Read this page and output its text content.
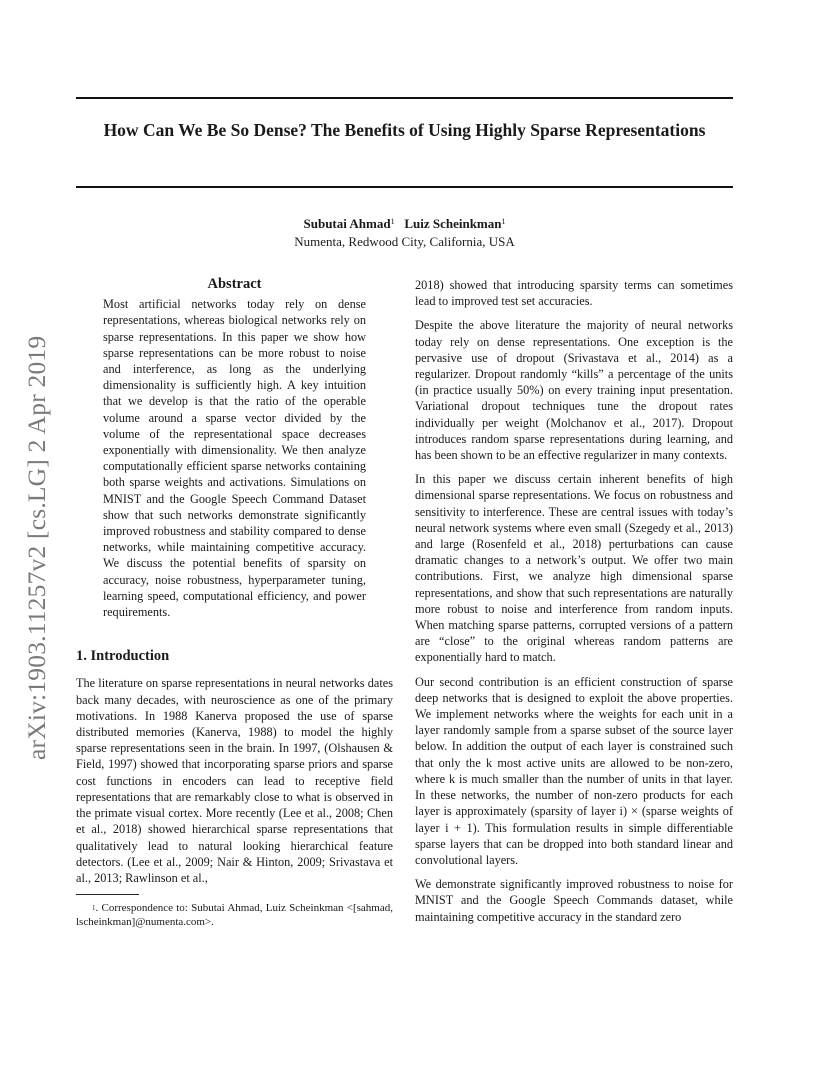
How Can We Be So Dense? The Benefits of Using Highly Sparse Representations
Subutai Ahmad$^1$ Luiz Scheinkman$^1$
Numenta, Redwood City, California, USA
arXiv:1903.11257v2 [cs.LG] 2 Apr 2019
Abstract
Most artificial networks today rely on dense representations, whereas biological networks rely on sparse representations. In this paper we show how sparse representations can be more robust to noise and interference, as long as the underlying dimensionality is sufficiently high. A key intuition that we develop is that the ratio of the operable volume around a sparse vector divided by the volume of the representational space decreases exponentially with dimensionality. We then analyze computationally efficient sparse networks containing both sparse weights and activations. Simulations on MNIST and the Google Speech Command Dataset show that such networks demonstrate significantly improved robustness and stability compared to dense networks, while maintaining competitive accuracy. We discuss the potential benefits of sparsity on accuracy, noise robustness, hyperparameter tuning, learning speed, computational efficiency, and power requirements.
1. Introduction

The literature on sparse representations in neural networks dates back many decades, with neuroscience as one of the primary motivations. In 1988 Kanerva proposed the use of sparse distributed memories (Kanerva, 1988) to model the highly sparse representations seen in the brain. In 1997, (Olshausen & Field, 1997) showed that incorporating sparse priors and sparse cost functions in encoders can lead to receptive field representations that are remarkably close to what is observed in the primate visual cortex. More recently (Lee et al., 2008; Chen et al., 2018) showed hierarchical sparse representations that qualitatively lead to natural looking hierarchical feature detectors. (Lee et al., 2009; Nair & Hinton, 2009; Srivastava et al., 2013; Rawlinson et al.,

$^1$. Correspondence to: Subutai Ahmad, Luiz Scheinkman <[sahmad, lscheinkman]@numenta.com>.

2018) showed that introducing sparsity terms can sometimes lead to improved test set accuracies.

Despite the above literature the majority of neural networks today rely on dense representations. One exception is the pervasive use of dropout (Srivastava et al., 2014) as a regularizer. Dropout randomly “kills” a percentage of the units (in practice usually 50%) on every training input presentation. Variational dropout techniques tune the dropout rates individually per weight (Molchanov et al., 2017). Dropout introduces random sparse representations during learning, and has been shown to be an effective regularizer in many contexts.

In this paper we discuss certain inherent benefits of high dimensional sparse representations. We focus on robustness and sensitivity to interference. These are central issues with today’s neural network systems where even small (Szegedy et al., 2013) and large (Rosenfeld et al., 2018) perturbations can cause dramatic changes to a network’s output. We offer two main contributions. First, we analyze high dimensional sparse representations, and show that such representations are naturally more robust to noise and interference from random inputs. When matching sparse patterns, corrupted versions of a pattern are “close” to the original whereas random patterns are exponentially hard to match.

Our second contribution is an efficient construction of sparse deep networks that is designed to exploit the above properties. We implement networks where the weights for each unit in a layer randomly sample from a sparse subset of the source layer below. In addition the output of each layer is constrained such that only the k most active units are allowed to be non-zero, where k is much smaller than the number of units in that layer. In these networks, the number of non-zero products for each layer is approximately (sparsity of layer i) × (sparse weights of layer i + 1). This formulation results in simple differentiable sparse layers that can be dropped into both standard linear and convolutional layers.

We demonstrate significantly improved robustness to noise for MNIST and the Google Speech Commands dataset, while maintaining competitive accuracy in the standard zero
